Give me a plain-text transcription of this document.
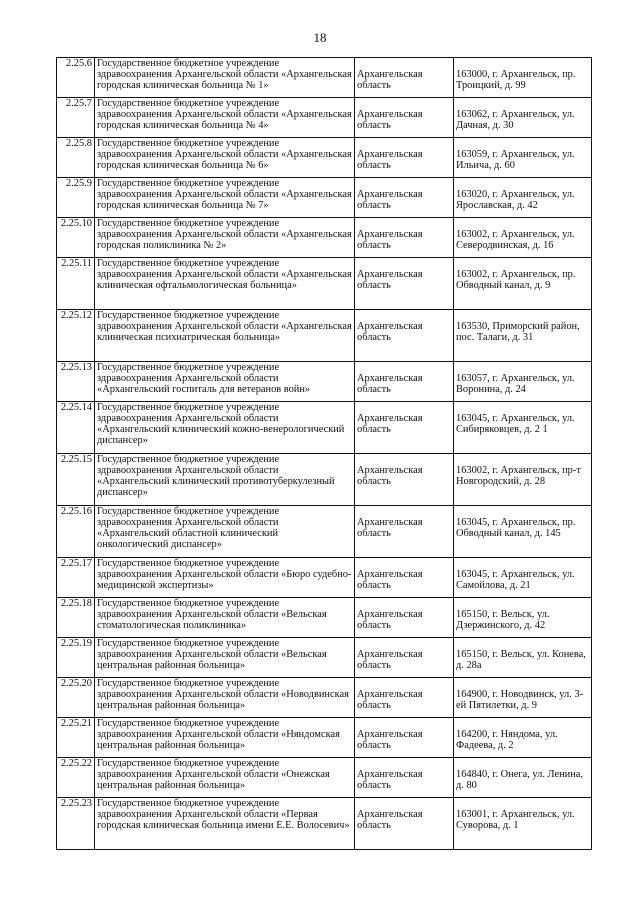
18
2.25.6	Государственное бюджетное учреждение здравоохранения Архангельской области «Архангельская городская клиническая больница № 1»	Архангельская область	163000, г. Архангельск, пр. Троицкий, д. 99
2.25.7	Государственное бюджетное учреждение здравоохранения Архангельской области «Архангельская городская клиническая больница № 4»	Архангельская область	163062, г. Архангельск, ул. Дачная, д. 30
2.25.8	Государственное бюджетное учреждение здравоохранения Архангельской области «Архангельская городская клиническая больница № 6»	Архангельская область	163059, г. Архангельск, ул. Ильича, д. 60
2.25.9	Государственное бюджетное учреждение здравоохранения Архангельской области «Архангельская городская клиническая больница № 7»	Архангельская область	163020, г. Архангельск, ул. Ярославская, д. 42
2.25.10	Государственное бюджетное учреждение здравоохранения Архангельской области «Архангельская городская поликлиника № 2»	Архангельская область	163002, г. Архангельск, ул. Северодвинская, д. 16
2.25.11	Государственное бюджетное учреждение здравоохранения Архангельской области «Архангельская клиническая офтальмологическая больница»	Архангельская область	163002, г. Архангельск, пр. Обводный канал, д. 9
2.25.12	Государственное бюджетное учреждение здравоохранения Архангельской области «Архангельская клиническая психиатрическая больница»	Архангельская область	163530, Приморский район, пос. Талаги, д. 31
2.25.13	Государственное бюджетное учреждение здравоохранения Архангельской области «Архангельский госпиталь для ветеранов войн»	Архангельская область	163057, г. Архангельск, ул. Воронина, д. 24
2.25.14	Государственное бюджетное учреждение здравоохранения Архангельской области «Архангельский клинический кожно-венерологический диспансер»	Архангельская область	163045, г. Архангельск, ул. Сибиряковцев, д. 2 1
2.25.15	Государственное бюджетное учреждение здравоохранения Архангельской области «Архангельский клинический противотуберкулезный диспансер»	Архангельская область	163002, г. Архангельск, пр-т Новгородский, д. 28
2.25.16	Государственное бюджетное учреждение здравоохранения Архангельской области «Архангельский областной клинический онкологический диспансер»	Архангельская область	163045, г. Архангельск, пр. Обводный канал, д. 145
2.25.17	Государственное бюджетное учреждение здравоохранения Архангельской области «Бюро судебно-медицинской экспертизы»	Архангельская область	163045, г. Архангельск, ул. Самойлова, д. 21
2.25.18	Государственное бюджетное учреждение здравоохранения Архангельской области «Вельская стоматологическая поликлиника»	Архангельская область	165150, г. Вельск, ул. Дзержинского, д. 42
2.25.19	Государственное бюджетное учреждение здравоохранения Архангельской области «Вельская центральная районная больница»	Архангельская область	165150, г. Вельск, ул. Конева, д. 28а
2.25.20	Государственное бюджетное учреждение здравоохранения Архангельской области «Новодвинская центральная районная больница»	Архангельская область	164900, г. Новодвинск, ул. 3-ей Пятилетки, д. 9
2.25.21	Государственное бюджетное учреждение здравоохранения Архангельской области «Няндомская центральная районная больница»	Архангельская область	164200, г. Няндома, ул. Фадеева, д. 2
2.25.22	Государственное бюджетное учреждение здравоохранения Архангельской области «Онежская центральная районная больница»	Архангельская область	164840, г. Онега, ул. Ленина, д. 80
2.25.23	Государственное бюджетное учреждение здравоохранения Архангельской области «Первая городская клиническая больница имени Е.Е. Волосевич»	Архангельская область	163001, г. Архангельск, ул. Суворова, д. 1
